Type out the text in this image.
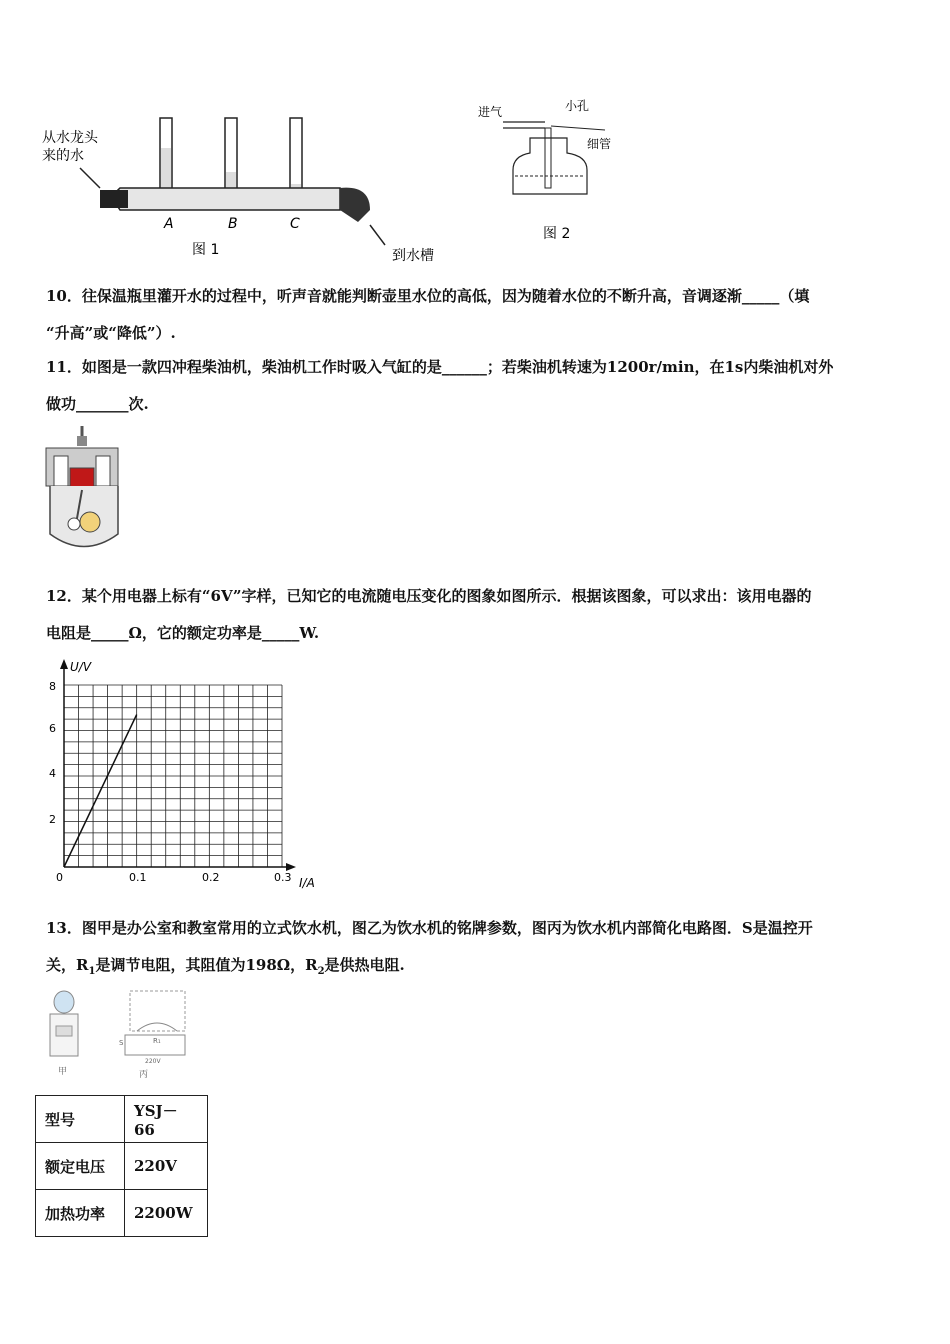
从水龙头
来的水
A	B	C
图 1	到水槽
进气	小孔
细管
图 2
10．往保温瓶里灌开水的过程中，听声音就能判断壶里水位的高低，因为随着水位的不断升高，音调逐渐_____（填
“升高”或“降低”）.
11．如图是一款四冲程柴油机，柴油机工作时吸入气缸的是______；若柴油机转速为1200r/min，在1s内柴油机对外
做功_______次.
12．某个用电器上标有“6V”字样，已知它的电流随电压变化的图象如图所示．根据该图象，可以求出：该用电器的
电阻是_____Ω，它的额定功率是_____W.
U/V
I/A
0	0.1	0.2	0.3
2
4
6
8
13．图甲是办公室和教室常用的立式饮水机，图乙为饮水机的铭牌参数，图丙为饮水机内部简化电路图．S是温控开
关，$R_1$是调节电阻，其阻值为198Ω，$R_2$是供热电阻.
甲
S	R₁
220V
丙
型号	YSJ－66
额定电压	220V
加热功率	2200W
